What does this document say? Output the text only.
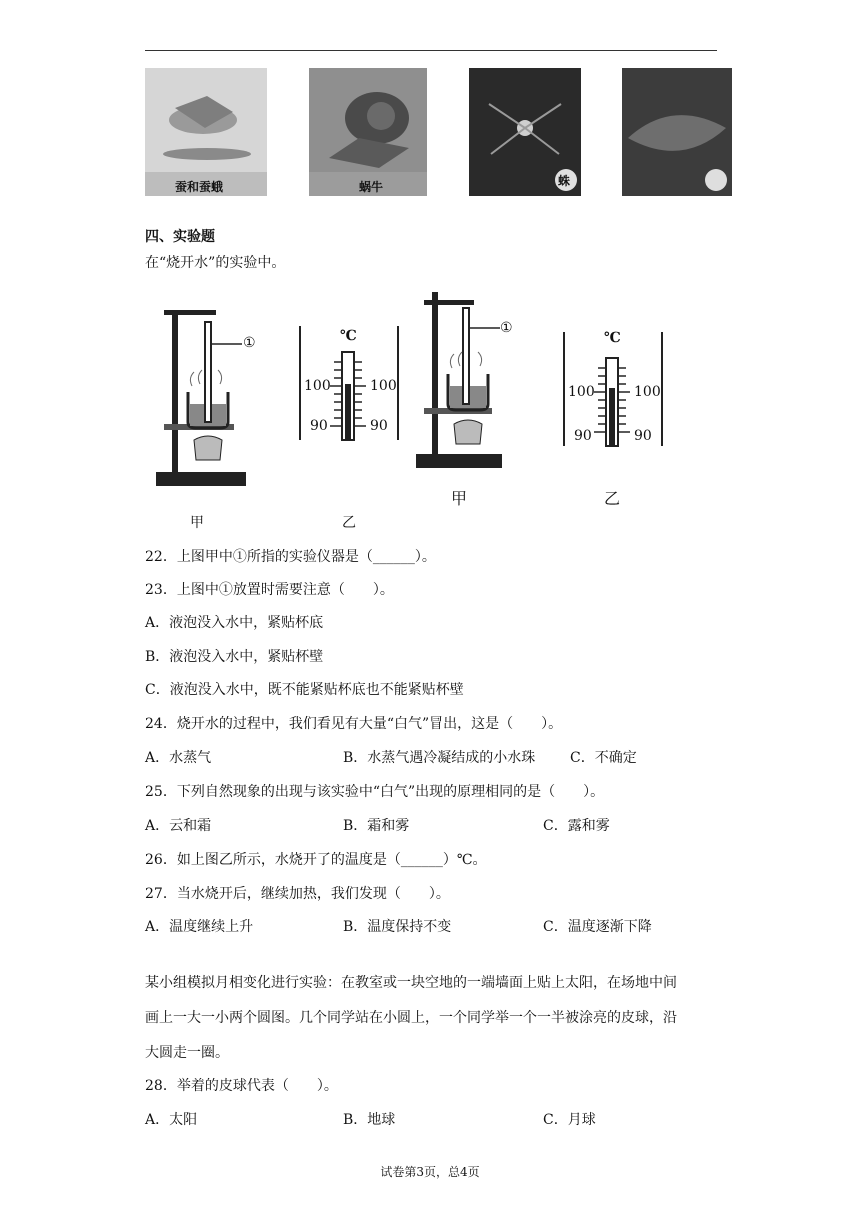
蚕和蚕蛾	蜗牛	蛛
四、实验题
在“烧开水”的实验中。
①	℃
100	100
90	90
①
℃
100	100
90	90
甲	乙
甲	乙
22．上图甲中①所指的实验仪器是（______）。
23．上图中①放置时需要注意（　　）。
A．液泡没入水中，紧贴杯底
B．液泡没入水中，紧贴杯壁
C．液泡没入水中，既不能紧贴杯底也不能紧贴杯壁
24．烧开水的过程中，我们看见有大量“白气”冒出，这是（　　）。
A．水蒸气	B．水蒸气遇冷凝结成的小水珠 C．不确定
25．下列自然现象的出现与该实验中“白气”出现的原理相同的是（　　）。
A．云和霜	B．霜和雾	C．露和雾
26．如上图乙所示，水烧开了的温度是（______）℃。
27．当水烧开后，继续加热，我们发现（　　）。
A．温度继续上升	B．温度保持不变	C．温度逐渐下降
某小组模拟月相变化进行实验：在教室或一块空地的一端墙面上贴上太阳，在场地中间
画上一大一小两个圆图。几个同学站在小圆上，一个同学举一个一半被涂亮的皮球，沿
大圆走一圈。
28．举着的皮球代表（　　）。
A．太阳	B．地球	C．月球
试卷第3页，总4页
